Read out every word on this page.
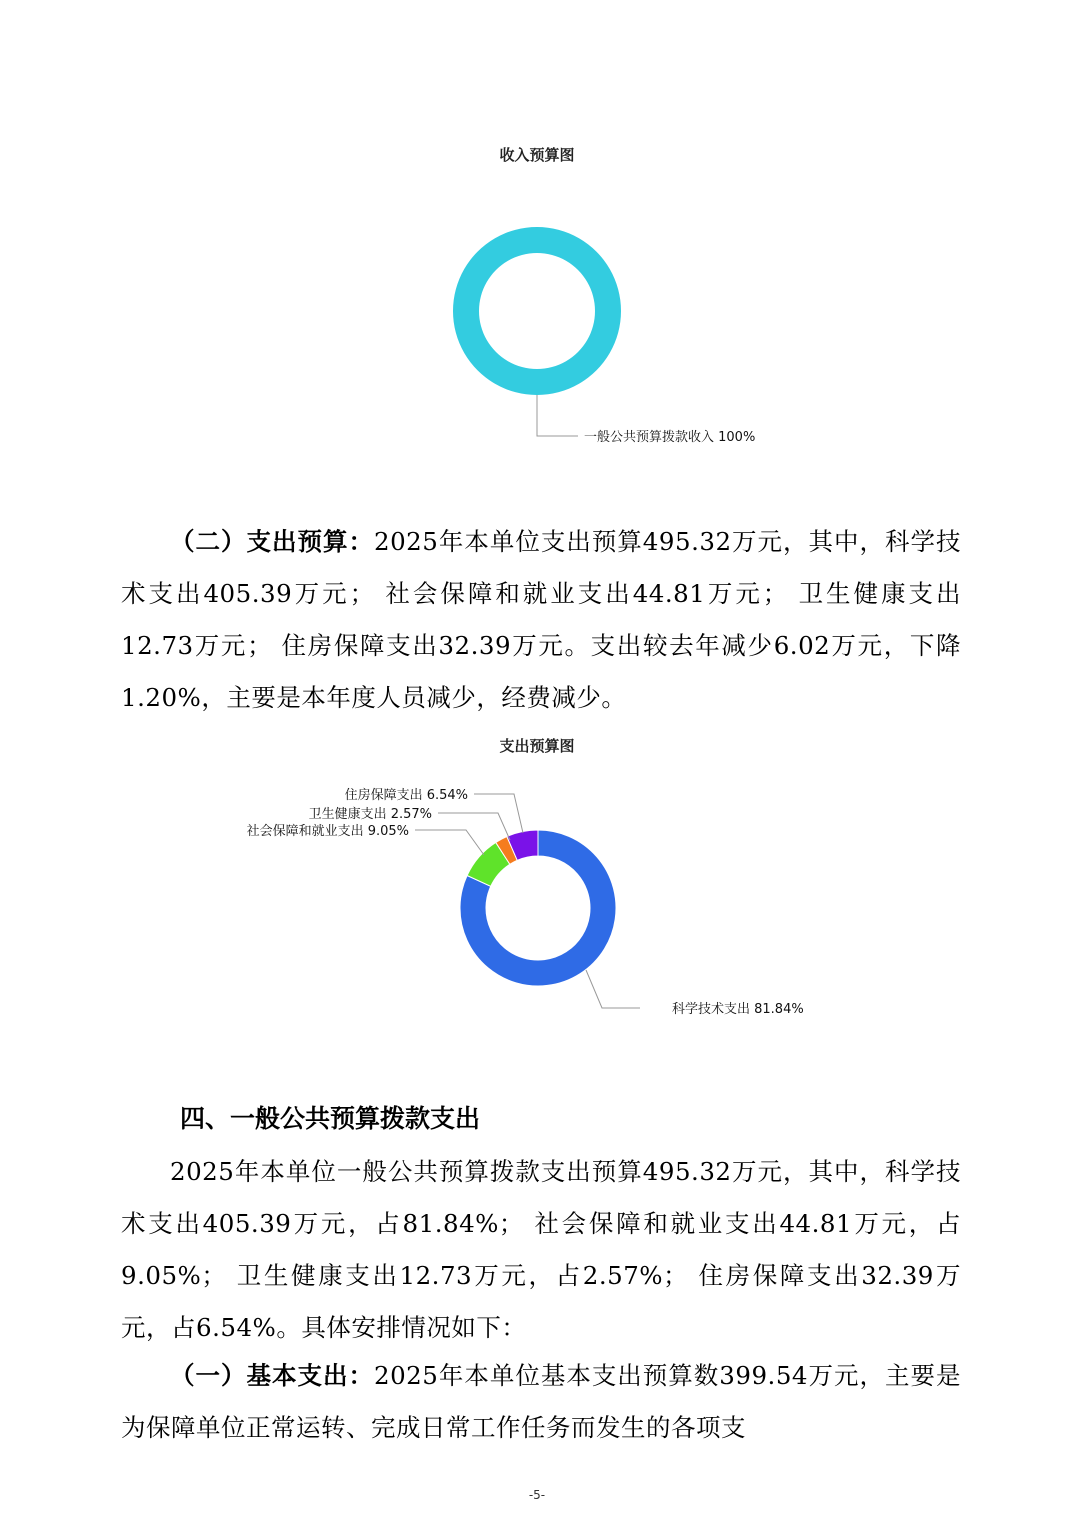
收入预算图
一般公共预算拨款收入 100%

（二）支出预算：2025年本单位支出预算495.32万元，其中，科学技术支出405.39万元； 社会保障和就业支出44.81万元； 卫生健康支出12.73万元； 住房保障支出32.39万元。支出较去年减少6.02万元，下降1.20%，主要是本年度人员减少，经费减少。

支出预算图
科学技术支出 81.84%
社会保障和就业支出 9.05%
卫生健康支出 2.57%
住房保障支出 6.54%
四、一般公共预算拨款支出

2025年本单位一般公共预算拨款支出预算495.32万元，其中，科学技术支出405.39万元，占81.84%； 社会保障和就业支出44.81万元，占9.05%； 卫生健康支出12.73万元，占2.57%； 住房保障支出32.39万元，占6.54%。具体安排情况如下：

（一）基本支出：2025年本单位基本支出预算数399.54万元，主要是为保障单位正常运转、完成日常工作任务而发生的各项支

-5-
